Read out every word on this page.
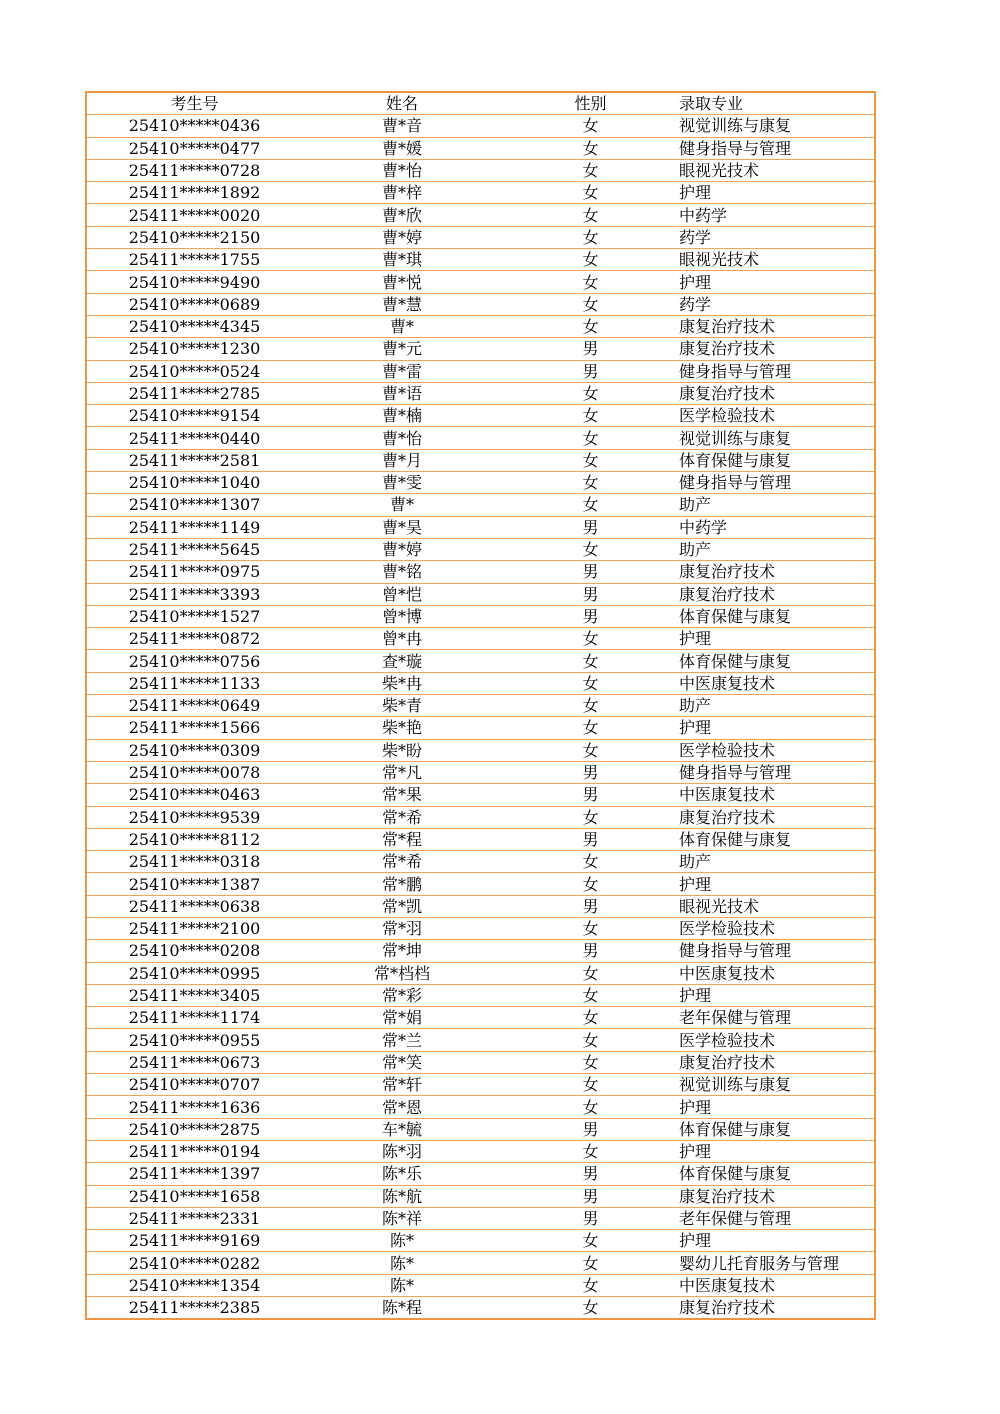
考生号	姓名	性别	录取专业
25410*****0436	曹*音	女	视觉训练与康复
25410*****0477	曹*媛	女	健身指导与管理
25411*****0728	曹*怡	女	眼视光技术
25411*****1892	曹*梓	女	护理
25411*****0020	曹*欣	女	中药学
25410*****2150	曹*婷	女	药学
25411*****1755	曹*琪	女	眼视光技术
25410*****9490	曹*悦	女	护理
25410*****0689	曹*慧	女	药学
25410*****4345	曹*	女	康复治疗技术
25410*****1230	曹*元	男	康复治疗技术
25410*****0524	曹*雷	男	健身指导与管理
25411*****2785	曹*语	女	康复治疗技术
25410*****9154	曹*楠	女	医学检验技术
25411*****0440	曹*怡	女	视觉训练与康复
25411*****2581	曹*月	女	体育保健与康复
25410*****1040	曹*雯	女	健身指导与管理
25410*****1307	曹*	女	助产
25411*****1149	曹*昊	男	中药学
25411*****5645	曹*婷	女	助产
25411*****0975	曹*铭	男	康复治疗技术
25411*****3393	曾*恺	男	康复治疗技术
25410*****1527	曾*博	男	体育保健与康复
25411*****0872	曾*冉	女	护理
25410*****0756	查*璇	女	体育保健与康复
25411*****1133	柴*冉	女	中医康复技术
25411*****0649	柴*青	女	助产
25411*****1566	柴*艳	女	护理
25410*****0309	柴*盼	女	医学检验技术
25410*****0078	常*凡	男	健身指导与管理
25410*****0463	常*果	男	中医康复技术
25410*****9539	常*希	女	康复治疗技术
25410*****8112	常*程	男	体育保健与康复
25411*****0318	常*希	女	助产
25410*****1387	常*鹏	女	护理
25411*****0638	常*凯	男	眼视光技术
25411*****2100	常*羽	女	医学检验技术
25410*****0208	常*坤	男	健身指导与管理
25410*****0995	常*档档	女	中医康复技术
25411*****3405	常*彩	女	护理
25411*****1174	常*娟	女	老年保健与管理
25410*****0955	常*兰	女	医学检验技术
25411*****0673	常*笑	女	康复治疗技术
25410*****0707	常*轩	女	视觉训练与康复
25411*****1636	常*恩	女	护理
25410*****2875	车*毓	男	体育保健与康复
25411*****0194	陈*羽	女	护理
25411*****1397	陈*乐	男	体育保健与康复
25410*****1658	陈*航	男	康复治疗技术
25411*****2331	陈*祥	男	老年保健与管理
25411*****9169	陈*	女	护理
25410*****0282	陈*	女	婴幼儿托育服务与管理
25410*****1354	陈*	女	中医康复技术
25411*****2385	陈*程	女	康复治疗技术
